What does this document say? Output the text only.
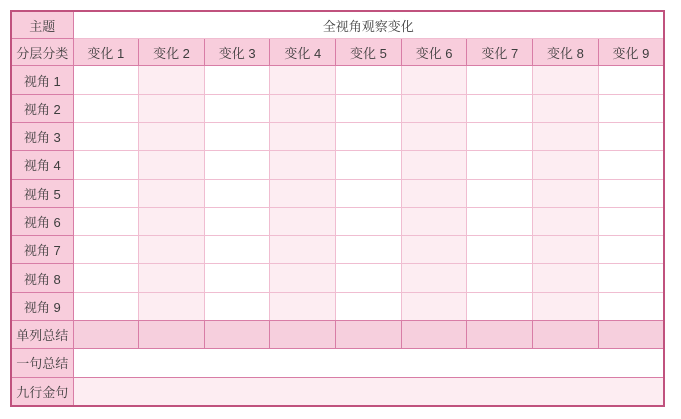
主题	全视角观察变化								
分层分类	变化 1	变化 2	变化 3	变化 4	变化 5	变化 6	变化 7	变化 8	变化 9
视角 1									
视角 2									
视角 3									
视角 4									
视角 5									
视角 6									
视角 7									
视角 8									
视角 9									
单列总结									
一句总结									
九行金句									
